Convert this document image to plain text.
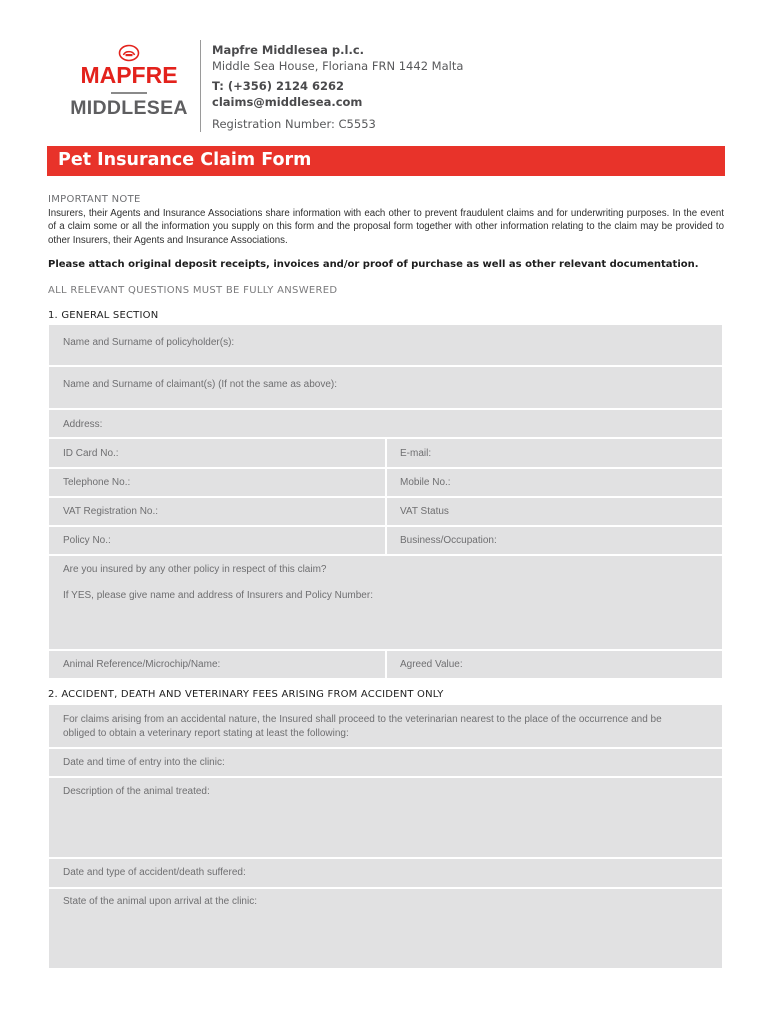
MAPFRE
MIDDLESEA
Mapfre Middlesea p.l.c.
Middle Sea House, Floriana FRN 1442 Malta
T: (+356) 2124 6262
claims@middlesea.com
Registration Number: C5553
Pet Insurance Claim Form
IMPORTANT NOTE
Insurers, their Agents and Insurance Associations share information with each other to prevent fraudulent claims and for underwriting purposes. In the event of a claim some or all the information you supply on this form and the proposal form together with other information relating to the claim may be provided to other Insurers, their Agents and Insurance Associations.
Please attach original deposit receipts, invoices and/or proof of purchase as well as other relevant documentation.
ALL RELEVANT QUESTIONS MUST BE FULLY ANSWERED
1. GENERAL SECTION
Name and Surname of policyholder(s):
Name and Surname of claimant(s) (If not the same as above):
Address:
ID Card No.:	E-mail:
Telephone No.:	Mobile No.:
VAT Registration No.:	VAT Status
Policy No.:	Business/Occupation:
Are you insured by any other policy in respect of this claim?
If YES, please give name and address of Insurers and Policy Number:
Animal Reference/Microchip/Name:	Agreed Value:
2. ACCIDENT, DEATH AND VETERINARY FEES ARISING FROM ACCIDENT ONLY
For claims arising from an accidental nature, the Insured shall proceed to the veterinarian nearest to the place of the occurrence and be obliged to obtain a veterinary report stating at least the following:
Date and time of entry into the clinic:
Description of the animal treated:
Date and type of accident/death suffered:
State of the animal upon arrival at the clinic:
